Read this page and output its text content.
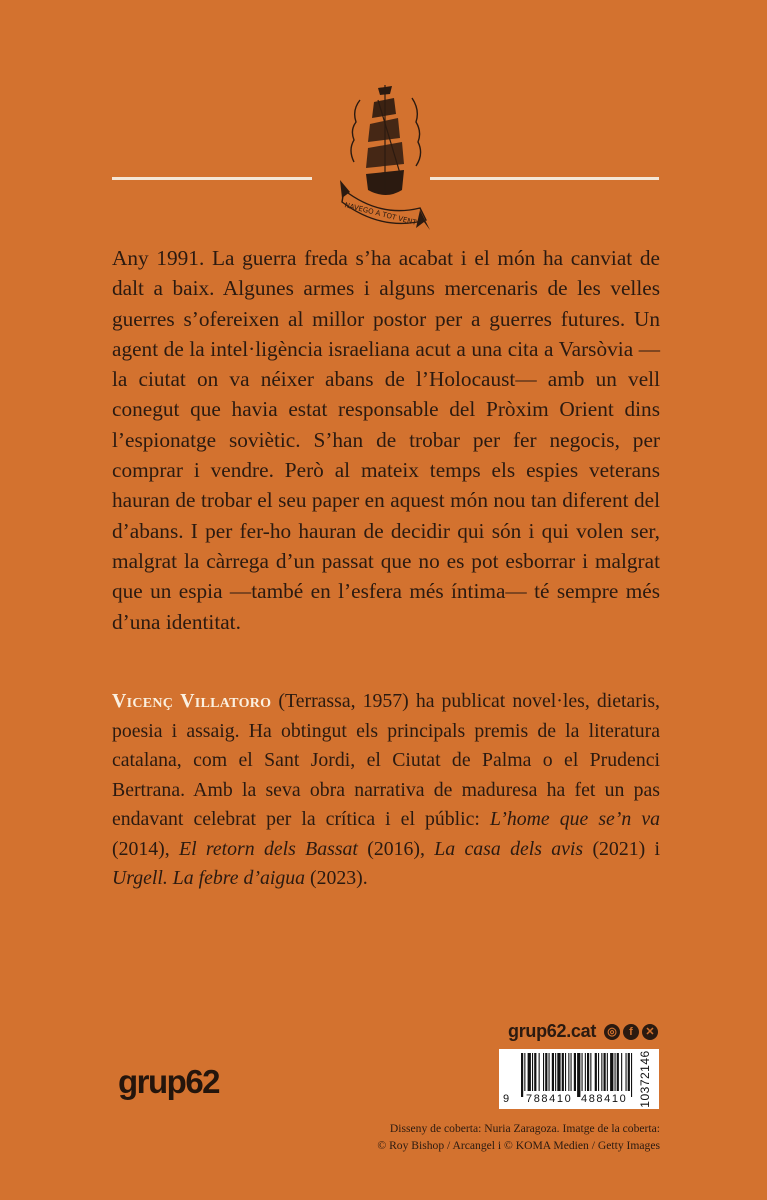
NAVEGO A TOT VENT

Any 1991. La guerra freda s’ha acabat i el món ha canviat de dalt a baix. Algunes armes i alguns mercenaris de les velles guerres s’ofereixen al millor postor per a guerres futures. Un agent de la intel·ligència israeliana acut a una cita a Varsòvia —la ciutat on va néixer abans de l’Holocaust— amb un vell conegut que havia estat responsable del Pròxim Orient dins l’espionatge soviètic. S’han de trobar per fer negocis, per comprar i vendre. Però al mateix temps els espies veterans hauran de trobar el seu paper en aquest món nou tan diferent del d’abans. I per fer-ho hauran de decidir qui són i qui volen ser, malgrat la càrrega d’un passat que no es pot esborrar i malgrat que un espia —també en l’esfera més íntima— té sempre més d’una identitat.

Vicenç Villatoro (Terrassa, 1957) ha publicat novel·les, dietaris, poesia i assaig. Ha obtingut els principals premis de la literatura catalana, com el Sant Jordi, el Ciutat de Palma o el Prudenci Bertrana. Amb la seva obra narrativa de maduresa ha fet un pas endavant celebrat per la crítica i el públic: L’home que se’n va (2014), El retorn dels Bassat (2016), La casa dels avis (2021) i Urgell. La febre d’aigua (2023).

grup62.cat ◎	f	✕
9 788410 488410 10372146
grup62
Disseny de coberta: Nuria Zaragoza. Imatge de la coberta:
© Roy Bishop / Arcangel i © KOMA Medien / Getty Images
